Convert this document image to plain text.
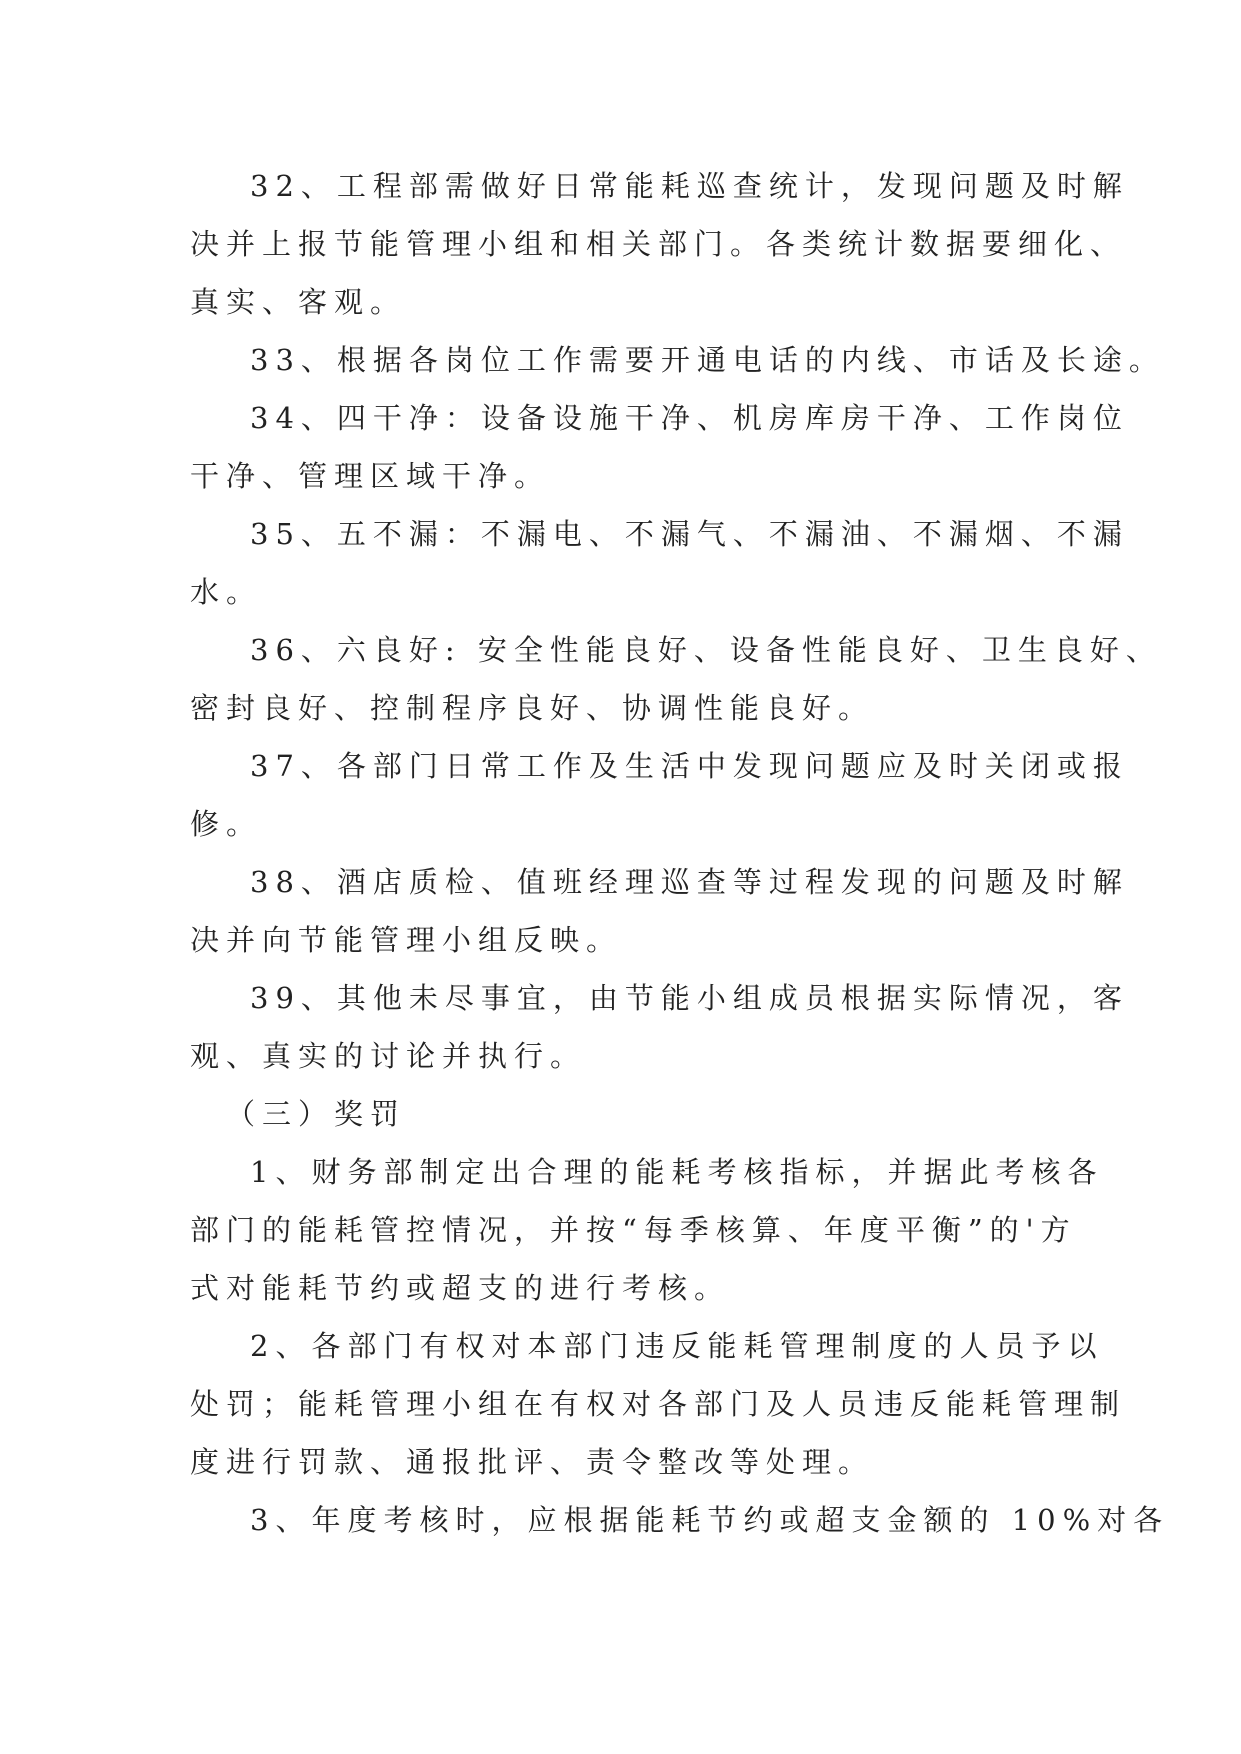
32、工程部需做好日常能耗巡查统计，发现问题及时解
决并上报节能管理小组和相关部门。各类统计数据要细化、
真实、客观。
33、根据各岗位工作需要开通电话的内线、市话及长途。
34、四干净：设备设施干净、机房库房干净、工作岗位
干净、管理区域干净。
35、五不漏：不漏电、不漏气、不漏油、不漏烟、不漏
水。
36、六良好: 安全性能良好、设备性能良好、卫生良好、
密封良好、控制程序良好、协调性能良好。
37、各部门日常工作及生活中发现问题应及时关闭或报
修。
38、酒店质检、值班经理巡查等过程发现的问题及时解
决并向节能管理小组反映。
39、其他未尽事宜，由节能小组成员根据实际情况，客
观、真实的讨论并执行。
（三）奖罚
1、财务部制定出合理的能耗考核指标，并据此考核各
部门的能耗管控情况，并按“每季核算、年度平衡”的'方
式对能耗节约或超支的进行考核。
2、各部门有权对本部门违反能耗管理制度的人员予以
处罚；能耗管理小组在有权对各部门及人员违反能耗管理制
度进行罚款、通报批评、责令整改等处理。
3、年度考核时，应根据能耗节约或超支金额的 10%对各
